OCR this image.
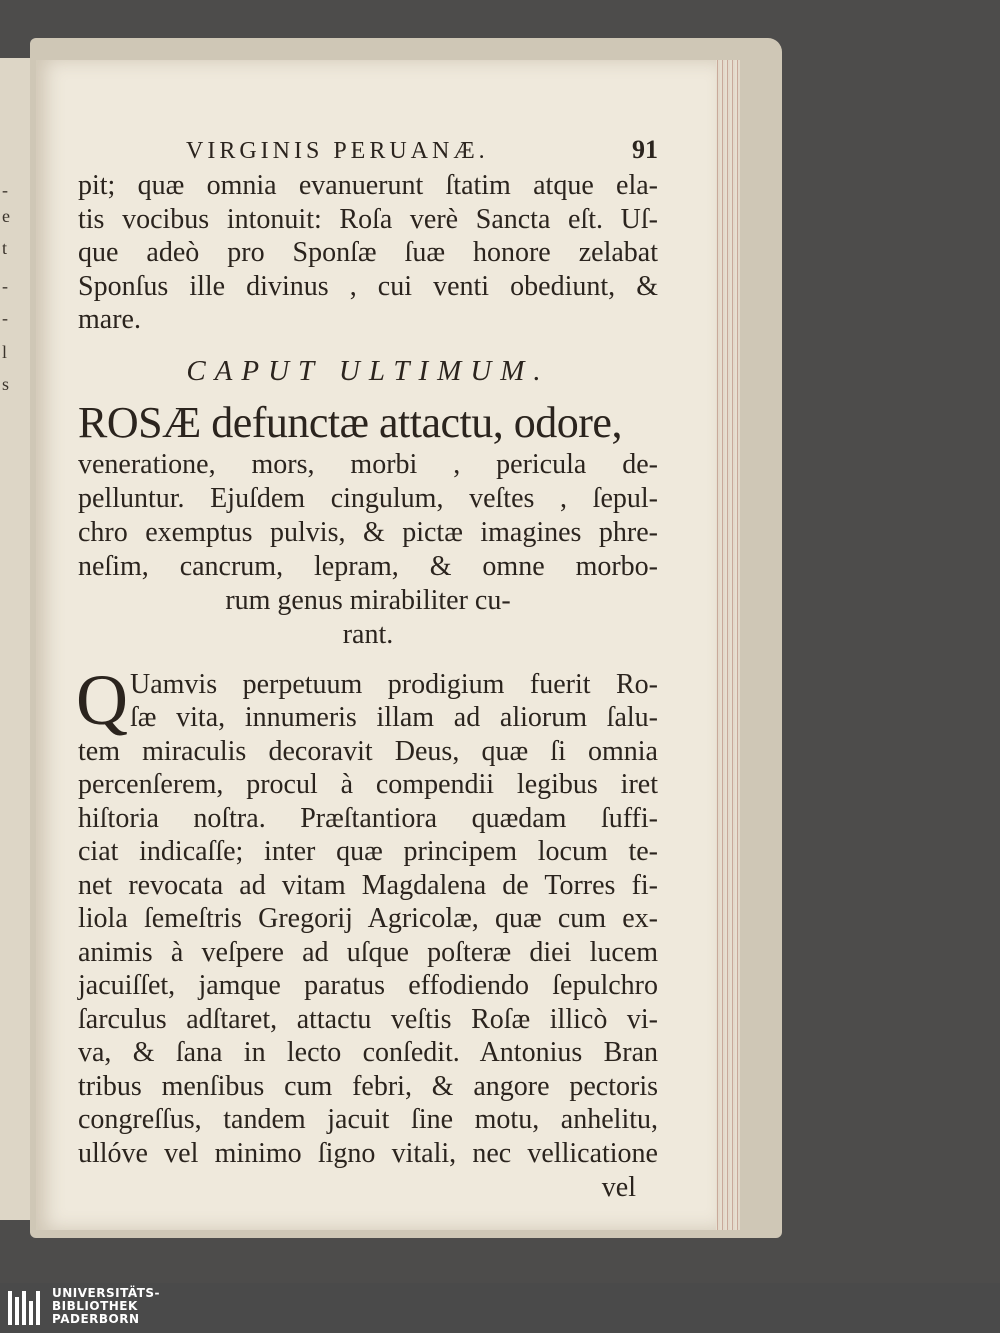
-
e
t
-
-
l
s
VIRGINIS PERUANÆ.	91
pit; quæ omnia evanuerunt ſtatim atque ela-
tis vocibus intonuit: Roſa verè Sancta eſt. Uſ-
que adeò pro Sponſæ ſuæ honore zelabat
Sponſus ille divinus , cui venti obediunt, &
mare.
CAPUT ULTIMUM.
ROSÆ defunctæ attactu, odore,
veneratione, mors, morbi , pericula de-
pelluntur. Ejuſdem cingulum, veſtes , ſepul-
chro exemptus pulvis, & pictæ imagines phre-
neſim, cancrum, lepram, & omne morbo-
rum genus mirabiliter cu-
rant.
Q Uamvis perpetuum prodigium fuerit Ro-
ſæ vita, innumeris illam ad aliorum ſalu-
tem miraculis decoravit Deus, quæ ſi omnia
percenſerem, procul à compendii legibus iret
hiſtoria noſtra. Præſtantiora quædam ſuffi-
ciat indicaſſe; inter quæ principem locum te-
net revocata ad vitam Magdalena de Torres fi-
liola ſemeſtris Gregorij Agricolæ, quæ cum ex-
animis à veſpere ad uſque poſteræ diei lucem
jacuiſſet, jamque paratus effodiendo ſepulchro
ſarculus adſtaret, attactu veſtis Roſæ illicò vi-
va, & ſana in lecto conſedit. Antonius Bran
tribus menſibus cum febri, & angore pectoris
congreſſus, tandem jacuit ſine motu, anhelitu,
ullóve vel minimo ſigno vitali, nec vellicatione
vel
UNIVERSITÄTS-
BIBLIOTHEK
PADERBORN
